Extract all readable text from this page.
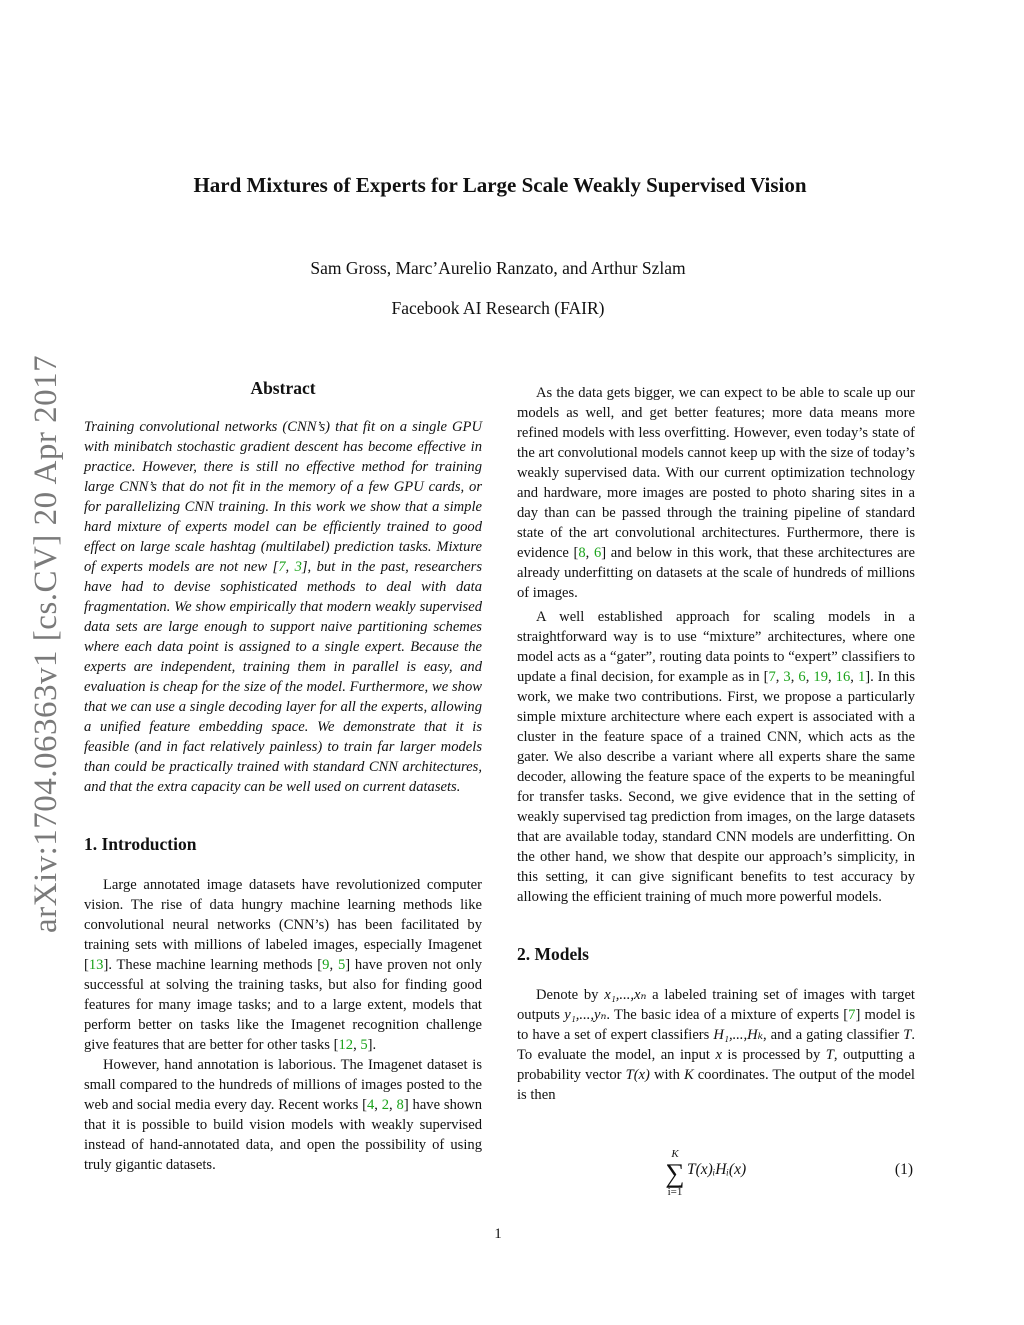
arXiv:1704.06363v1 [cs.CV] 20 Apr 2017
Hard Mixtures of Experts for Large Scale Weakly Supervised Vision
Sam Gross, Marc’Aurelio Ranzato, and Arthur Szlam
Facebook AI Research (FAIR)
Abstract

Training convolutional networks (CNN’s) that fit on a single GPU with minibatch stochastic gradient descent has become effective in practice. However, there is still no effective method for training large CNN’s that do not fit in the memory of a few GPU cards, or for parallelizing CNN training. In this work we show that a simple hard mixture of experts model can be efficiently trained to good effect on large scale hashtag (multilabel) prediction tasks. Mixture of experts models are not new [7, 3], but in the past, researchers have had to devise sophisticated methods to deal with data fragmentation. We show empirically that modern weakly supervised data sets are large enough to support naive partitioning schemes where each data point is assigned to a single expert. Because the experts are independent, training them in parallel is easy, and evaluation is cheap for the size of the model. Furthermore, we show that we can use a single decoding layer for all the experts, allowing a unified feature embedding space. We demonstrate that it is feasible (and in fact relatively painless) to train far larger models than could be practically trained with standard CNN architectures, and that the extra capacity can be well used on current datasets.

1. Introduction

Large annotated image datasets have revolutionized computer vision. The rise of data hungry machine learning methods like convolutional neural networks (CNN’s) has been facilitated by training sets with millions of labeled images, especially Imagenet [13]. These machine learning methods [9, 5] have proven not only successful at solving the training tasks, but also for finding good features for many image tasks; and to a large extent, models that perform better on tasks like the Imagenet recognition challenge give features that are better for other tasks [12, 5].

However, hand annotation is laborious. The Imagenet dataset is small compared to the hundreds of millions of images posted to the web and social media every day. Recent works [4, 2, 8] have shown that it is possible to build vision models with weakly supervised instead of hand-annotated data, and open the possibility of using truly gigantic datasets.

As the data gets bigger, we can expect to be able to scale up our models as well, and get better features; more data means more refined models with less overfitting. However, even today’s state of the art convolutional models cannot keep up with the size of today’s weakly supervised data. With our current optimization technology and hardware, more images are posted to photo sharing sites in a day than can be passed through the training pipeline of standard state of the art convolutional architectures. Furthermore, there is evidence [8, 6] and below in this work, that these architectures are already underfitting on datasets at the scale of hundreds of millions of images.

A well established approach for scaling models in a straightforward way is to use “mixture” architectures, where one model acts as a “gater”, routing data points to “expert” classifiers to update a final decision, for example as in [7, 3, 6, 19, 16, 1]. In this work, we make two contributions. First, we propose a particularly simple mixture architecture where each expert is associated with a cluster in the feature space of a trained CNN, which acts as the gater. We also describe a variant where all experts share the same decoder, allowing the feature space of the experts to be meaningful for transfer tasks. Second, we give evidence that in the setting of weakly supervised tag prediction from images, on the large datasets that are available today, standard CNN models are underfitting. On the other hand, we show that despite our approach’s simplicity, in this setting, it can give significant benefits to test accuracy by allowing the efficient training of much more powerful models.

2. Models

Denote by x₁,...,xₙ a labeled training set of images with target outputs y₁,...,yₙ. The basic idea of a mixture of experts [7] model is to have a set of expert classifiers H₁,...,Hₖ, and a gating classifier T. To evaluate the model, an input x is processed by T, outputting a probability vector T(x) with K coordinates. The output of the model is then

K
∑
i=1
T(x)ᵢHᵢ(x)	(1)
1
